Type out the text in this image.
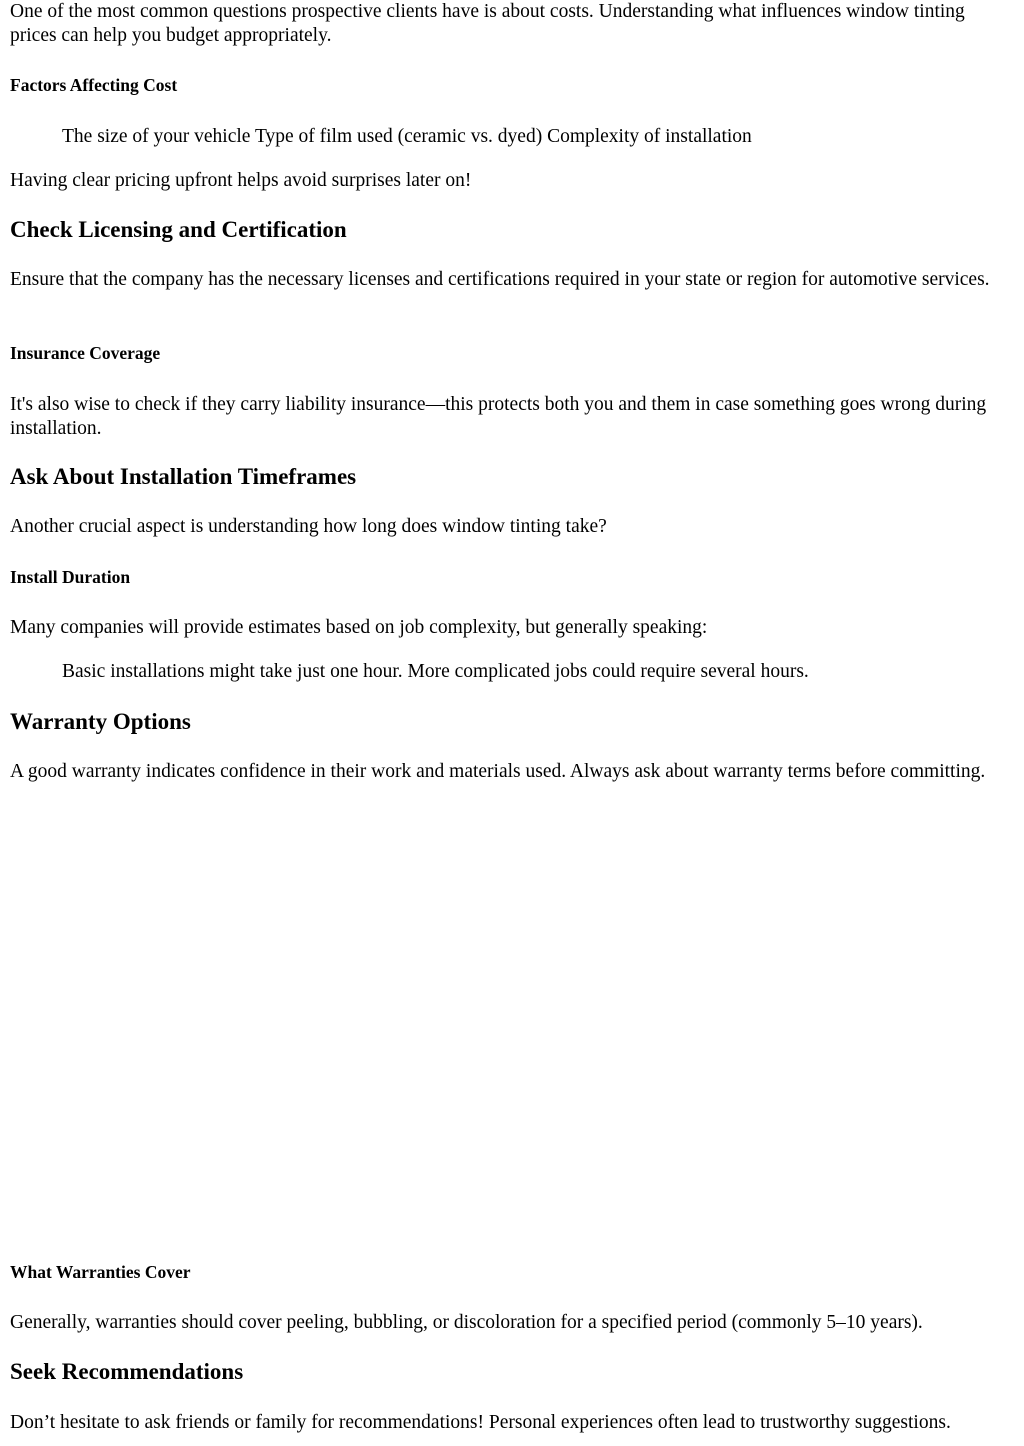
One of the most common questions prospective clients have is about costs. Understanding what influences window tinting prices can help you budget appropriately.

Factors Affecting Cost
The size of your vehicle Type of film used (ceramic vs. dyed) Complexity of installation

Having clear pricing upfront helps avoid surprises later on!

Check Licensing and Certification

Ensure that the company has the necessary licenses and certifications required in your state or region for automotive services.

Insurance Coverage

It's also wise to check if they carry liability insurance—this protects both you and them in case something goes wrong during installation.

Ask About Installation Timeframes

Another crucial aspect is understanding how long does window tinting take?

Install Duration

Many companies will provide estimates based on job complexity, but generally speaking:

Basic installations might take just one hour. More complicated jobs could require several hours.
Warranty Options

A good warranty indicates confidence in their work and materials used. Always ask about warranty terms before committing.

What Warranties Cover

Generally, warranties should cover peeling, bubbling, or discoloration for a specified period (commonly 5–10 years).

Seek Recommendations

Don’t hesitate to ask friends or family for recommendations! Personal experiences often lead to trustworthy suggestions.
